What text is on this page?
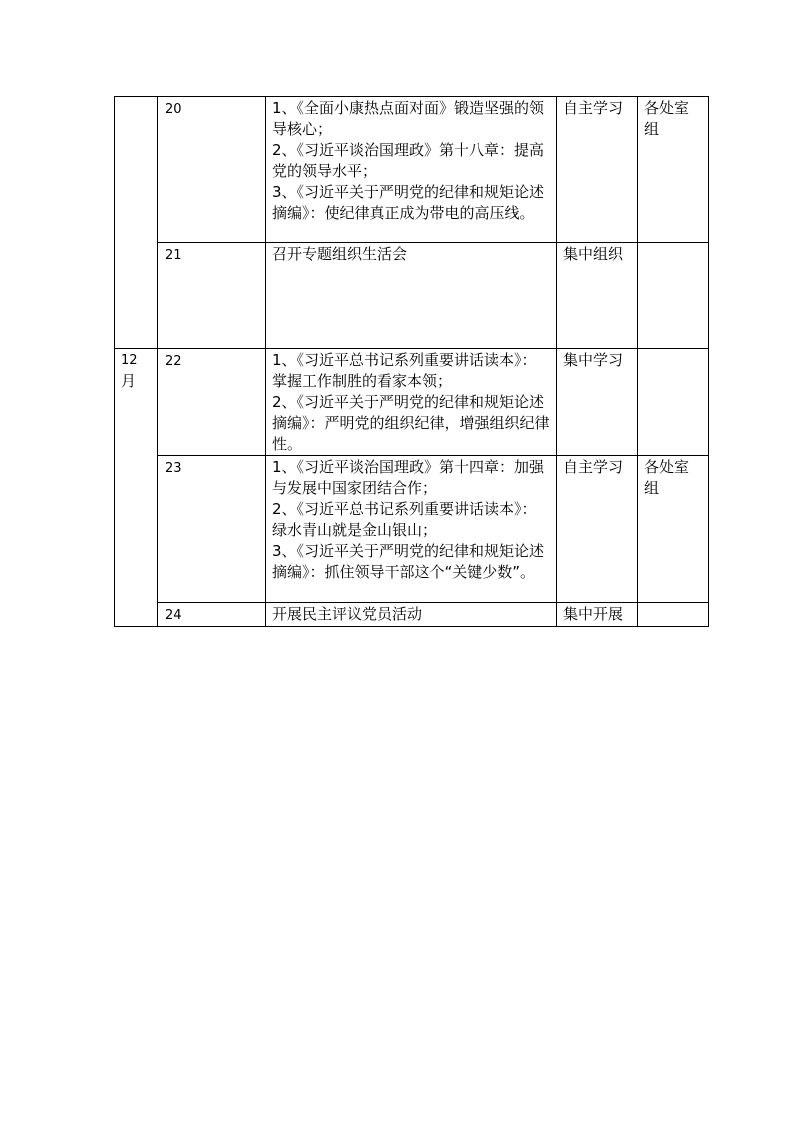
	20	1、《全面小康热点面对面》锻造坚强的领导核心；
2、《习近平谈治国理政》第十八章：提高党的领导水平；
3、《习近平关于严明党的纪律和规矩论述摘编》：使纪律真正成为带电的高压线。	自主学习	各处室组
	21	召开专题组织生活会	集中组织	

12
月	22	1、《习近平总书记系列重要讲话读本》：掌握工作制胜的看家本领；
2、《习近平关于严明党的纪律和规矩论述摘编》：严明党的组织纪律，增强组织纪律性。	集中学习	
	23	1、《习近平谈治国理政》第十四章：加强与发展中国家团结合作；
2、《习近平总书记系列重要讲话读本》：绿水青山就是金山银山；
3、《习近平关于严明党的纪律和规矩论述摘编》：抓住领导干部这个“关键少数”。	自主学习	各处室组
	24	开展民主评议党员活动	集中开展	
